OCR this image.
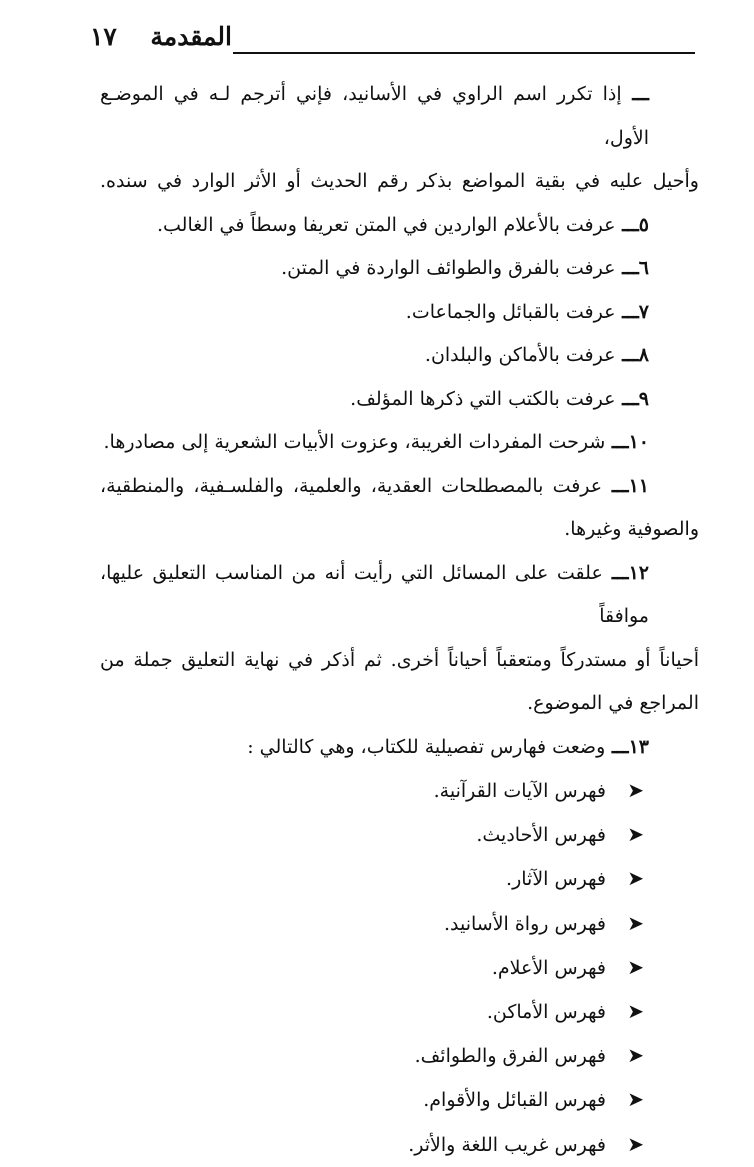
المقدمة
١٧
ـــ إذا تكرر اسم الراوي في الأسانيد، فإني أترجم لـه في الموضـع الأول،
وأحيل عليه في بقية المواضع بذكر رقم الحديث أو الأثر الوارد في سنده.
٥ـــ عرفت بالأعلام الواردين في المتن تعريفا وسطاً في الغالب.
٦ـــ عرفت بالفرق والطوائف الواردة في المتن.
٧ـــ عرفت بالقبائل والجماعات.
٨ـــ عرفت بالأماكن والبلدان.
٩ـــ عرفت بالكتب التي ذكرها المؤلف.
١٠ـــ شرحت المفردات الغريبة، وعزوت الأبيات الشعرية إلى مصادرها.
١١ـــ عرفت بالمصطلحات العقدية، والعلمية، والفلسـفية، والمنطقية،
والصوفية وغيرها.
١٢ـــ علقت على المسائل التي رأيت أنه من المناسب التعليق عليها، موافقاً
أحياناً أو مستدركاً ومتعقباً أحياناً أخرى. ثم أذكر في نهاية التعليق جملة من
المراجع في الموضوع.
١٣ـــ وضعت فهارس تفصيلية للكتاب، وهي كالتالي :
➤فهرس الآيات القرآنية.
➤فهرس الأحاديث.
➤فهرس الآثار.
➤فهرس رواة الأسانيد.
➤فهرس الأعلام.
➤فهرس الأماكن.
➤فهرس الفرق والطوائف.
➤فهرس القبائل والأقوام.
➤فهرس غريب اللغة والأثر.
